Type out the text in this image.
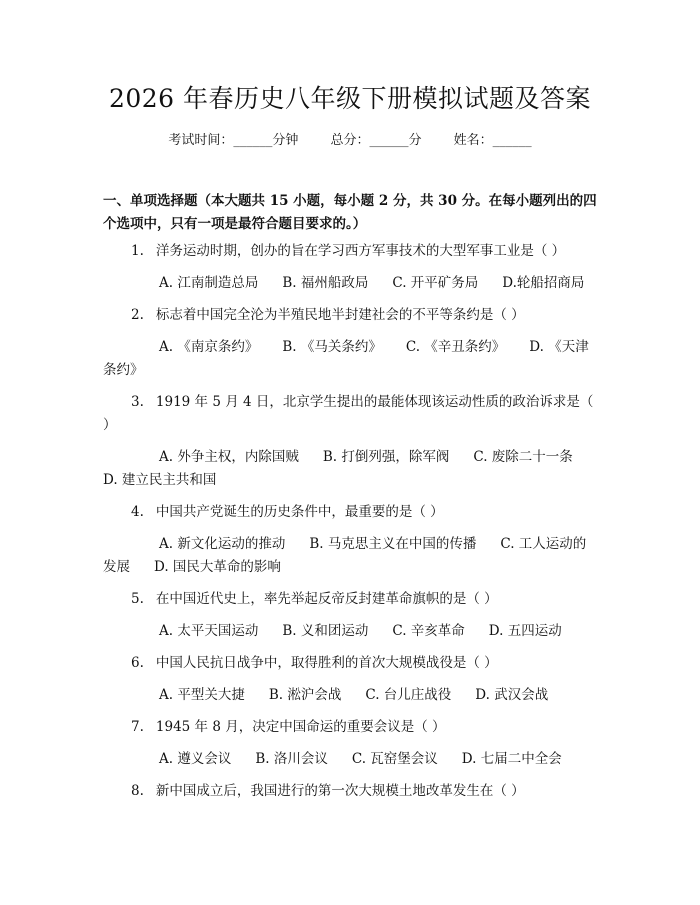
2026 年春历史八年级下册模拟试题及答案
考试时间：______分钟 总分：______分 姓名：______
一、单项选择题（本大题共 15 小题，每小题 2 分，共 30 分。在每小题列出的四个选项中，只有一项是最符合题目要求的。）

1. 洋务运动时期，创办的旨在学习西方军事技术的大型军事工业是（ ）

A. 江南制造总局 B. 福州船政局 C. 开平矿务局 D.轮船招商局

2. 标志着中国完全沦为半殖民地半封建社会的不平等条约是（ ）

A. 《南京条约》 B. 《马关条约》 C. 《辛丑条约》 D. 《天津条约》

3. 1919 年 5 月 4 日，北京学生提出的最能体现该运动性质的政治诉求是（ ）

A. 外争主权，内除国贼 B. 打倒列强，除军阀 C. 废除二十一条D. 建立民主共和国

4. 中国共产党诞生的历史条件中，最重要的是（ ）

A. 新文化运动的推动 B. 马克思主义在中国的传播 C. 工人运动的发展 D. 国民大革命的影响

5. 在中国近代史上，率先举起反帝反封建革命旗帜的是（ ）

A. 太平天国运动 B. 义和团运动 C. 辛亥革命 D. 五四运动

6. 中国人民抗日战争中，取得胜利的首次大规模战役是（ ）

A. 平型关大捷 B. 淞沪会战 C. 台儿庄战役 D. 武汉会战

7. 1945 年 8 月，决定中国命运的重要会议是（ ）

A. 遵义会议 B. 洛川会议 C. 瓦窑堡会议 D. 七届二中全会

8. 新中国成立后，我国进行的第一次大规模土地改革发生在（ ）
